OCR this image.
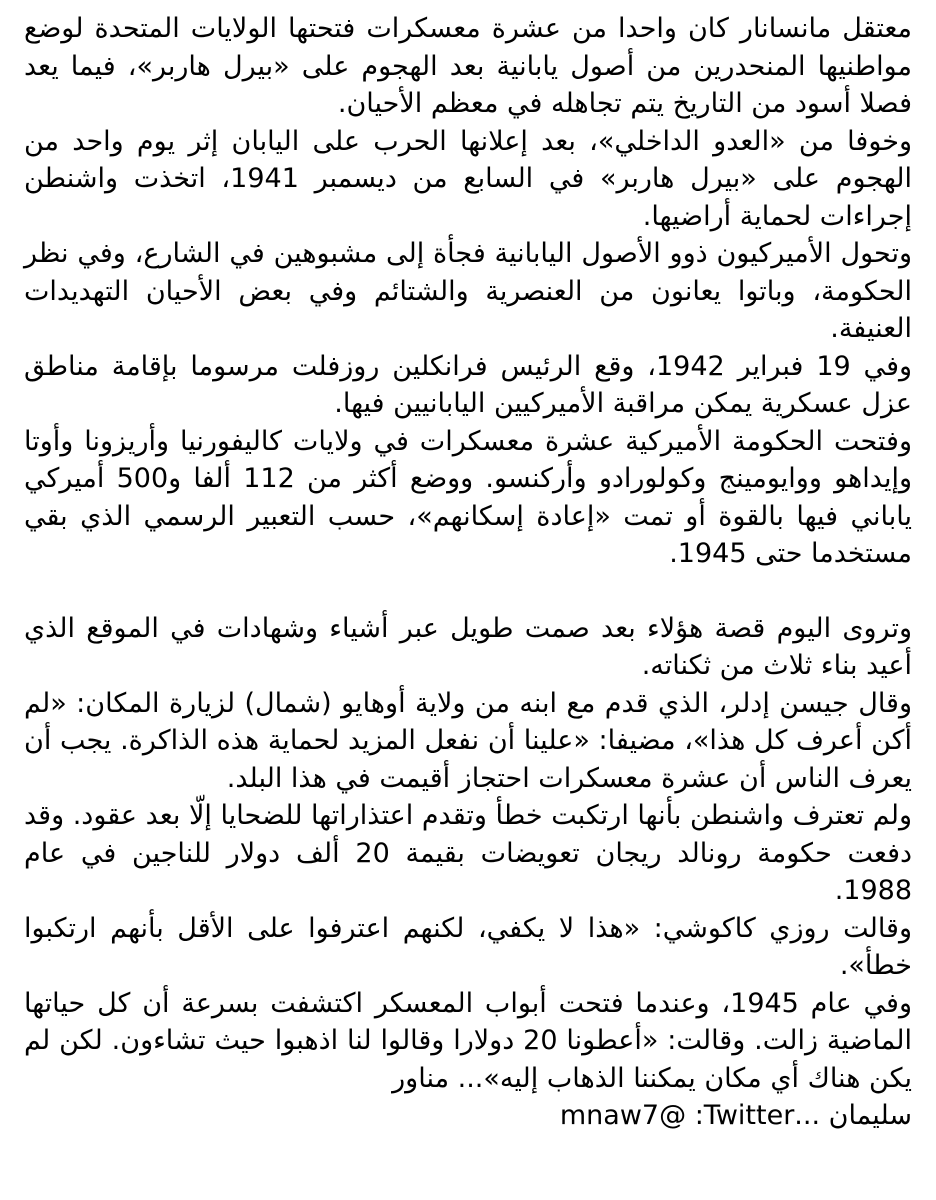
معتقل مانسانار كان واحدا من عشرة معسكرات فتحتها الولايات المتحدة لوضع مواطنيها المنحدرين من أصول يابانية بعد الهجوم على «بيرل هاربر»، فيما يعد فصلا أسود من التاريخ يتم تجاهله في معظم الأحيان.

وخوفا من «العدو الداخلي»، بعد إعلانها الحرب على اليابان إثر يوم واحد من الهجوم على «بيرل هاربر» في السابع من ديسمبر 1941، اتخذت واشنطن إجراءات لحماية أراضيها.

وتحول الأميركيون ذوو الأصول اليابانية فجأة إلى مشبوهين في الشارع، وفي نظر الحكومة، وباتوا يعانون من العنصرية والشتائم وفي بعض الأحيان التهديدات العنيفة.

وفي 19 فبراير 1942، وقع الرئيس فرانكلين روزفلت مرسوما بإقامة مناطق عزل عسكرية يمكن مراقبة الأميركيين اليابانيين فيها.

وفتحت الحكومة الأميركية عشرة معسكرات في ولايات كاليفورنيا وأريزونا وأوتا وإيداهو ووايومينج وكولورادو وأركنسو. ووضع أكثر من 112 ألفا و500 أميركي ياباني فيها بالقوة أو تمت «إعادة إسكانهم»، حسب التعبير الرسمي الذي بقي مستخدما حتى 1945.

وتروى اليوم قصة هؤلاء بعد صمت طويل عبر أشياء وشهادات في الموقع الذي أعيد بناء ثلاث من ثكناته.

وقال جيسن إدلر، الذي قدم مع ابنه من ولاية أوهايو (شمال) لزيارة المكان: «لم أكن أعرف كل هذا»، مضيفا: «علينا أن نفعل المزيد لحماية هذه الذاكرة. يجب أن يعرف الناس أن عشرة معسكرات احتجاز أقيمت في هذا البلد.

ولم تعترف واشنطن بأنها ارتكبت خطأ وتقدم اعتذاراتها للضحايا إلّا بعد عقود. وقد دفعت حكومة رونالد ريجان تعويضات بقيمة 20 ألف دولار للناجين في عام 1988.

وقالت روزي كاكوشي: «هذا لا يكفي، لكنهم اعترفوا على الأقل بأنهم ارتكبوا خطأ».

وفي عام 1945، وعندما فتحت أبواب المعسكر اكتشفت بسرعة أن كل حياتها الماضية زالت. وقالت: «أعطونا 20 دولارا وقالوا لنا اذهبوا حيث تشاءون. لكن لم يكن هناك أي مكان يمكننا الذهاب إليه»... مناور

سليمان ...Twitter: @mnaw7
